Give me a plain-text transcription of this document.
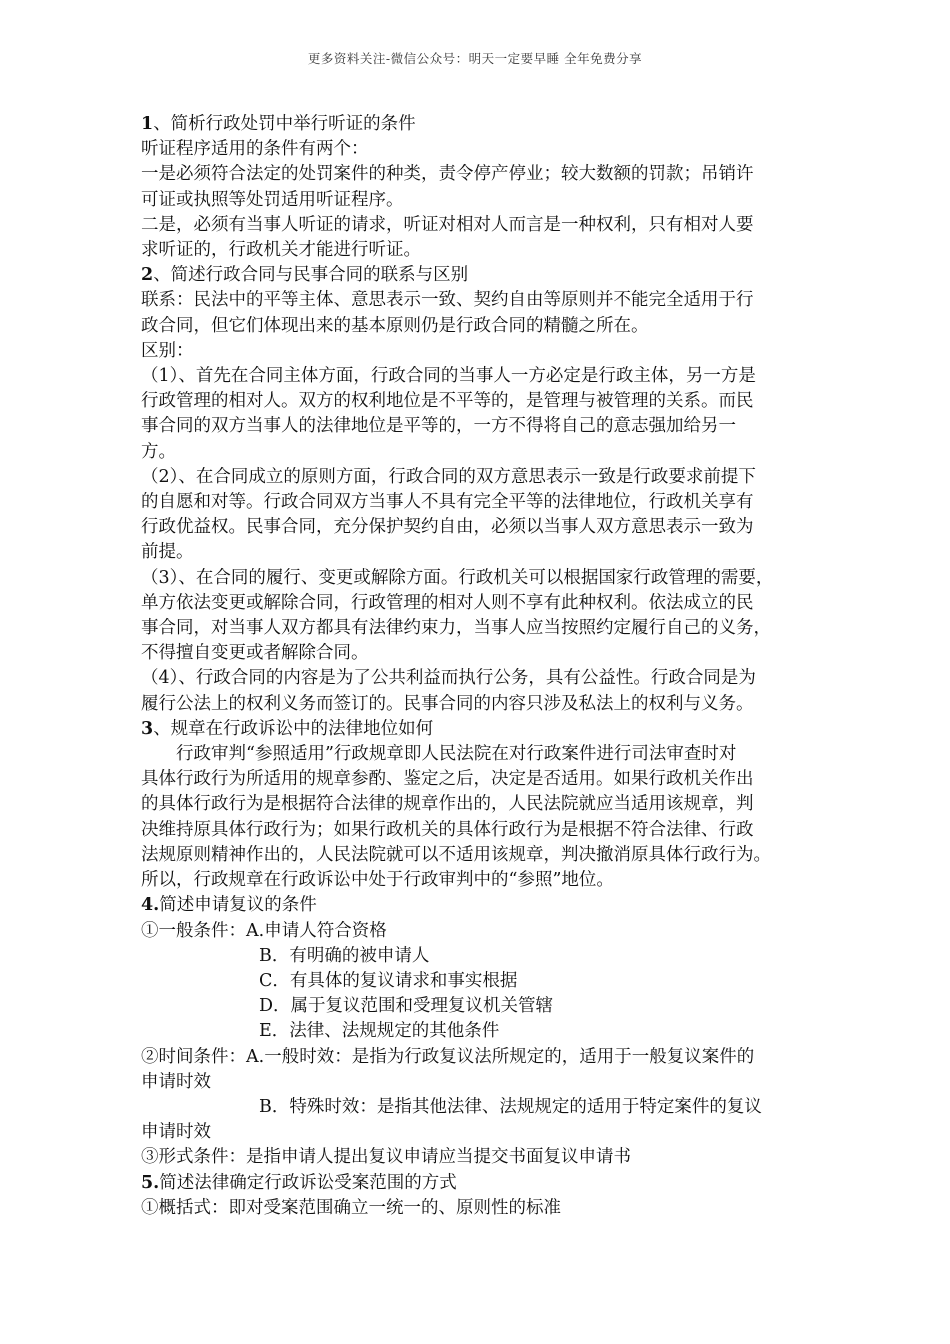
更多资料关注-微信公众号：明天一定要早睡 全年免费分享

1、简析行政处罚中举行听证的条件

听证程序适用的条件有两个：

一是必须符合法定的处罚案件的种类，责令停产停业；较大数额的罚款；吊销许

可证或执照等处罚适用听证程序。

二是，必须有当事人听证的请求，听证对相对人而言是一种权利，只有相对人要

求听证的，行政机关才能进行听证。

2、简述行政合同与民事合同的联系与区别

联系：民法中的平等主体、意思表示一致、契约自由等原则并不能完全适用于行

政合同，但它们体现出来的基本原则仍是行政合同的精髓之所在。

区别：

（1）、首先在合同主体方面，行政合同的当事人一方必定是行政主体，另一方是

行政管理的相对人。双方的权利地位是不平等的，是管理与被管理的关系。而民

事合同的双方当事人的法律地位是平等的，一方不得将自己的意志强加给另一

方。

（2）、在合同成立的原则方面，行政合同的双方意思表示一致是行政要求前提下

的自愿和对等。行政合同双方当事人不具有完全平等的法律地位，行政机关享有

行政优益权。民事合同，充分保护契约自由，必须以当事人双方意思表示一致为

前提。

（3）、在合同的履行、变更或解除方面。行政机关可以根据国家行政管理的需要，

单方依法变更或解除合同，行政管理的相对人则不享有此种权利。依法成立的民

事合同，对当事人双方都具有法律约束力，当事人应当按照约定履行自己的义务，

不得擅自变更或者解除合同。

（4）、行政合同的内容是为了公共利益而执行公务，具有公益性。行政合同是为

履行公法上的权利义务而签订的。民事合同的内容只涉及私法上的权利与义务。

3、规章在行政诉讼中的法律地位如何

行政审判“参照适用”行政规章即人民法院在对行政案件进行司法审查时对

具体行政行为所适用的规章参酌、鉴定之后，决定是否适用。如果行政机关作出

的具体行政行为是根据符合法律的规章作出的，人民法院就应当适用该规章，判

决维持原具体行政行为；如果行政机关的具体行政行为是根据不符合法律、行政

法规原则精神作出的，人民法院就可以不适用该规章，判决撤消原具体行政行为。

所以，行政规章在行政诉讼中处于行政审判中的“参照”地位。

4.简述申请复议的条件

①一般条件：A.申请人符合资格

B．有明确的被申请人

C．有具体的复议请求和事实根据

D．属于复议范围和受理复议机关管辖

E．法律、法规规定的其他条件

②时间条件：A.一般时效：是指为行政复议法所规定的，适用于一般复议案件的

申请时效

B．特殊时效：是指其他法律、法规规定的适用于特定案件的复议

申请时效

③形式条件：是指申请人提出复议申请应当提交书面复议申请书

5.简述法律确定行政诉讼受案范围的方式

①概括式：即对受案范围确立一统一的、原则性的标准
